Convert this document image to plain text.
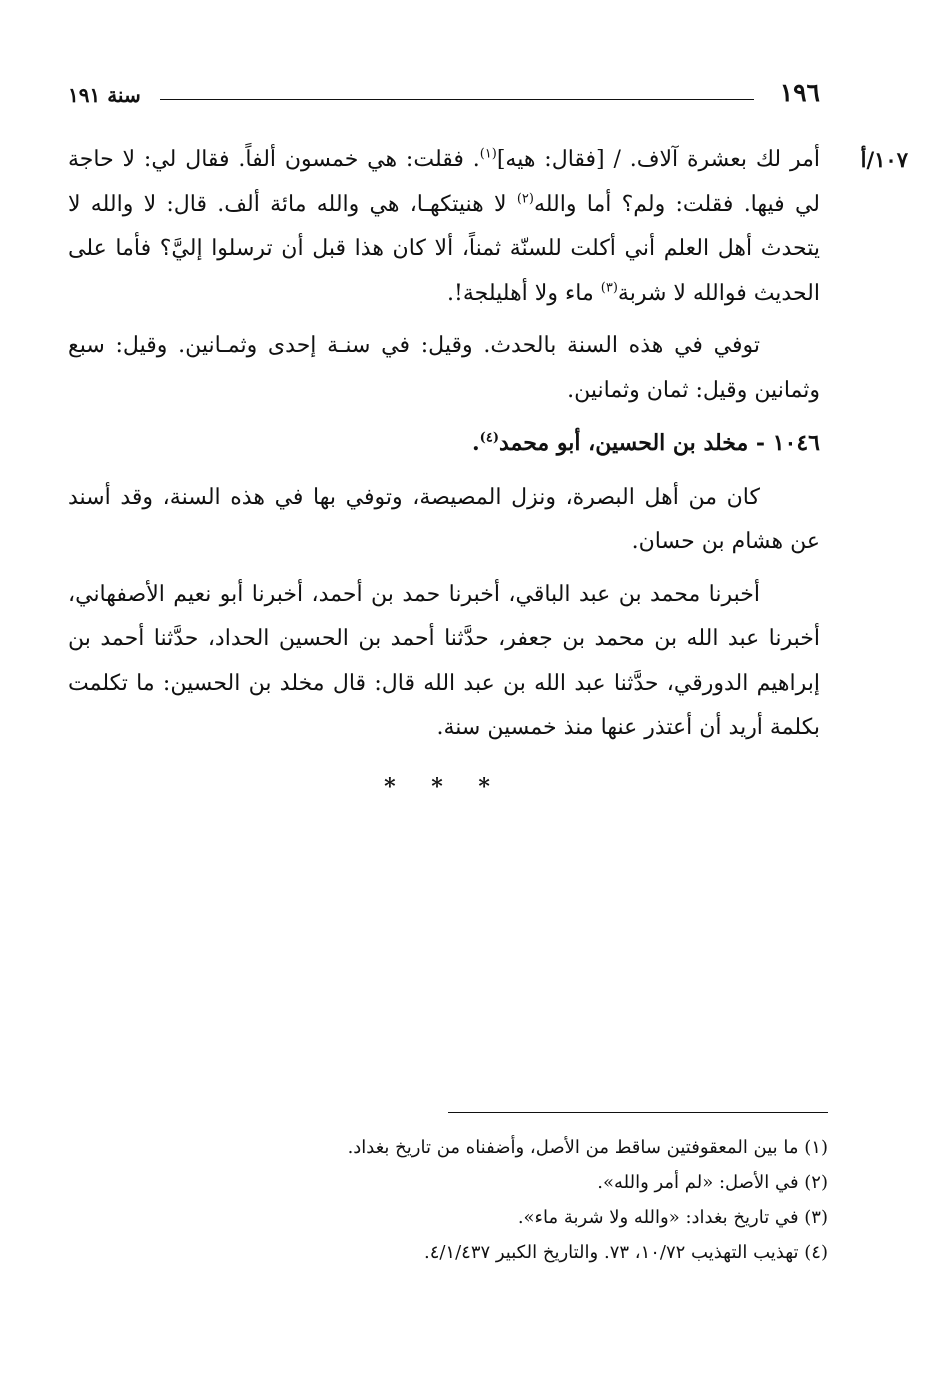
١٩٦
سنة ١٩١
١٠٧/أ

أمر لك بعشرة آلاف. / [فقال: هيه]$^{(١)}$. فقلت: هي خمسون ألفاً. فقال لي: لا حاجة لي فيها. فقلت: ولم؟ أما والله$^{(٢)}$ لا هنيتكهـا، هي والله مائة ألف. قال: لا والله لا يتحدث أهل العلم أني أكلت للسنّة ثمناً، ألا كان هذا قبل أن ترسلوا إليَّ؟ فأما على الحديث فوالله لا شربة$^{(٣)}$ ماء ولا أهليلجة!.

توفي في هذه السنة بالحدث. وقيل: في سنـة إحدى وثمـانين. وقيل: سبع وثمانين وقيل: ثمان وثمانين.

١٠٤٦ - مخلد بن الحسين، أبو محمد$^{(٤)}$.

كان من أهل البصرة، ونزل المصيصة، وتوفي بها في هذه السنة، وقد أسند عن هشام بن حسان.

أخبرنا محمد بن عبد الباقي، أخبرنا حمد بن أحمد، أخبرنا أبو نعيم الأصفهاني، أخبرنا عبد الله بن محمد بن جعفر، حدَّثنا أحمد بن الحسين الحداد، حدَّثنا أحمد بن إبراهيم الدورقي، حدَّثنا عبد الله بن عبد الله قال: قال مخلد بن الحسين: ما تكلمت بكلمة أريد أن أعتذر عنها منذ خمسين سنة.

* * *

(١) ما بين المعقوفتين ساقط من الأصل، وأضفناه من تاريخ بغداد.

(٢) في الأصل: «لم أمر والله».

(٣) في تاريخ بغداد: «والله ولا شربة ماء».

(٤) تهذيب التهذيب ١٠/٧٢، ٧٣. والتاريخ الكبير ٤/١/٤٣٧.
